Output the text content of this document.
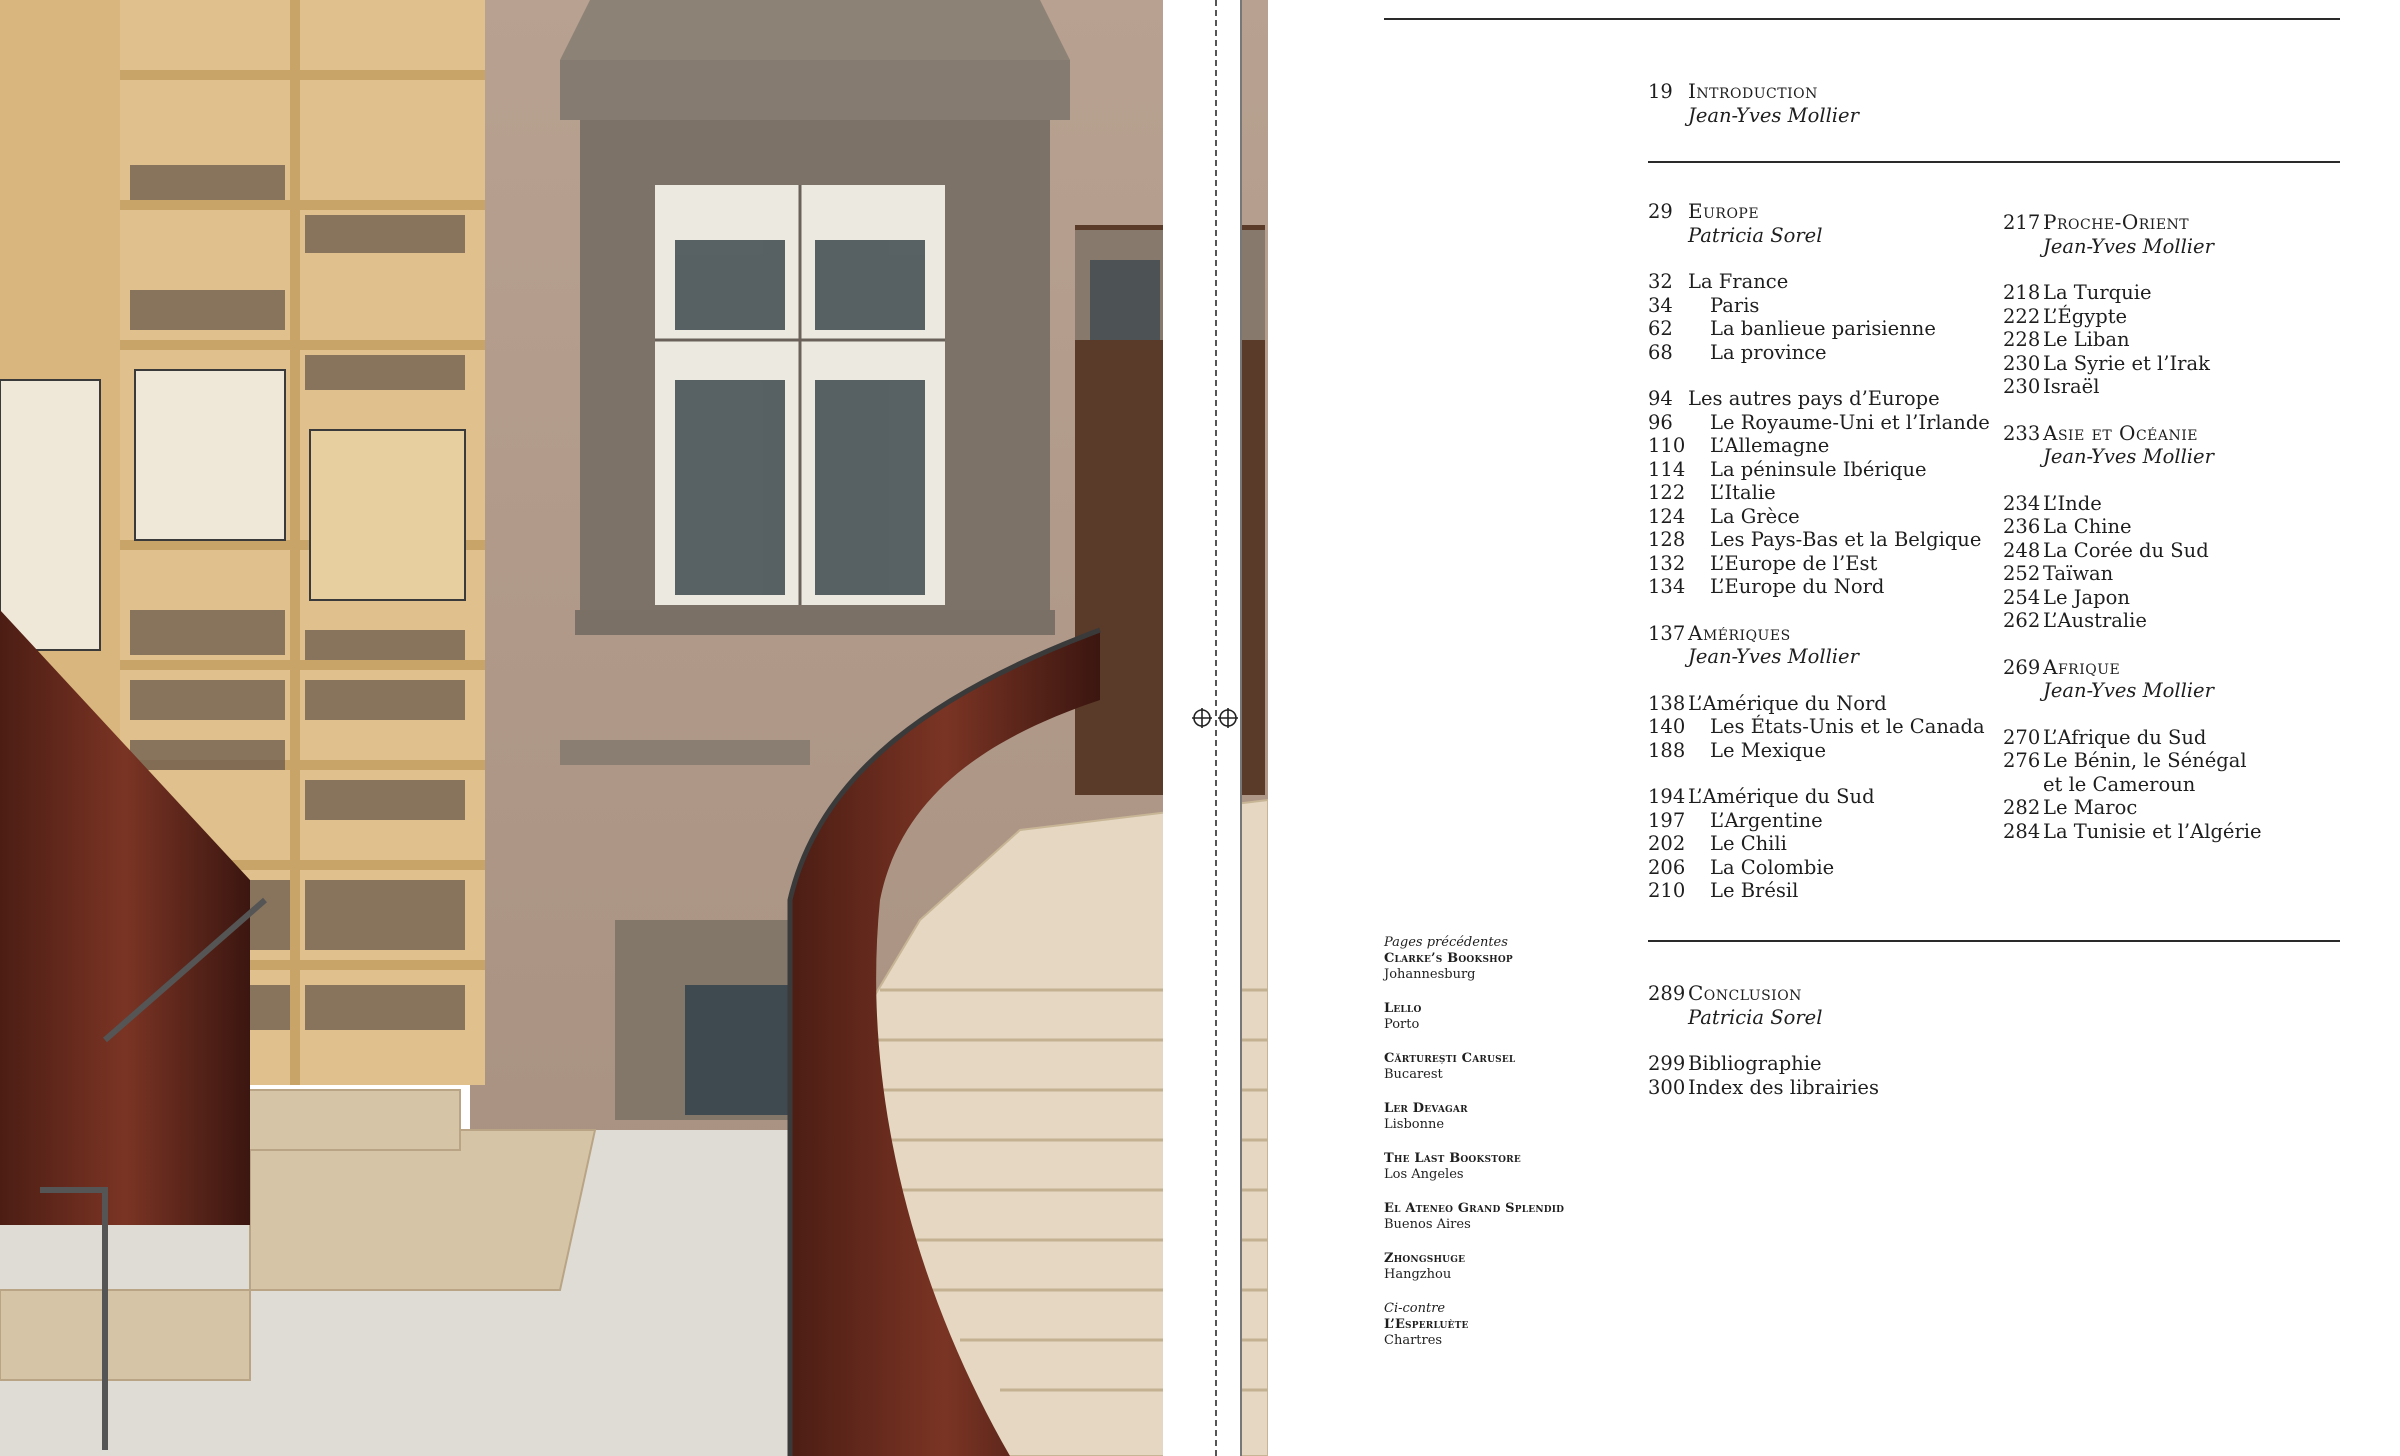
19 Introduction
Jean-Yves Mollier
29 Europe
Patricia Sorel
32 La France
34 Paris
62 La banlieue parisienne
68 La province
94 Les autres pays d’Europe
96 Le Royaume-Uni et l’Irlande
110 L’Allemagne
114 La péninsule Ibérique
122 L’Italie
124 La Grèce
128 Les Pays-Bas et la Belgique
132 L’Europe de l’Est
134 L’Europe du Nord
137 Amériques
Jean-Yves Mollier
138 L’Amérique du Nord
140 Les États-Unis et le Canada
188 Le Mexique
194 L’Amérique du Sud
197 L’Argentine
202 Le Chili
206 La Colombie
210 Le Brésil
217 Proche-Orient
Jean-Yves Mollier
218 La Turquie
222 L’Égypte
228 Le Liban
230 La Syrie et l’Irak
230 Israël
233 Asie et Océanie
Jean-Yves Mollier
234 L’Inde
236 La Chine
248 La Corée du Sud
252 Taïwan
254 Le Japon
262 L’Australie
269 Afrique
Jean-Yves Mollier
270 L’Afrique du Sud
276 Le Bénin, le Sénégal
et le Cameroun
282 Le Maroc
284 La Tunisie et l’Algérie
289 Conclusion
Patricia Sorel
299 Bibliographie
300 Index des librairies
Pages précédentes
Clarke’s Bookshop
Johannesburg
Lello
Porto
Cărturești Carusel
Bucarest
Ler Devagar
Lisbonne
The Last Bookstore
Los Angeles
El Ateneo Grand Splendid
Buenos Aires
Zhongshuge
Hangzhou
Ci-contre
L’Esperluète
Chartres
